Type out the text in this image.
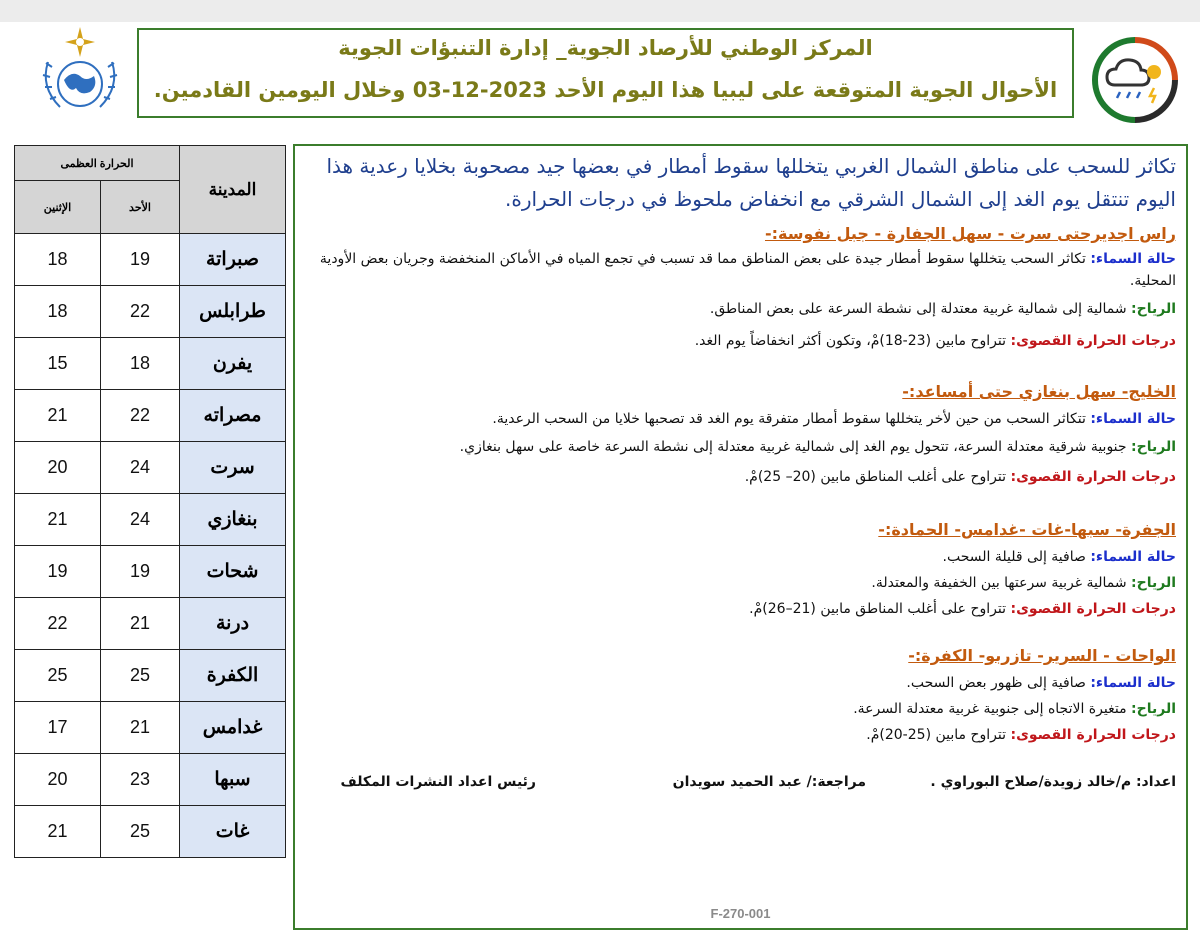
المركز الوطني للأرصاد الجوية_ إدارة التنبؤات الجوية
الأحوال الجوية المتوقعة على ليبيا هذا اليوم الأحد 2023-12-03 وخلال اليومين القادمين.
المدينة	الحرارة العظمى	
	الأحد	الإثنين
صبراتة	19	18
طرابلس	22	18
يفرن	18	15
مصراته	22	21
سرت	24	20
بنغازي	24	21
شحات	19	19
درنة	21	22
الكفرة	25	25
غدامس	21	17
سبها	23	20
غات	25	21
تكاثر للسحب على مناطق الشمال الغربي يتخللها سقوط أمطار في بعضها جيد مصحوبة بخلايا رعدية هذا اليوم تنتقل يوم الغد إلى الشمال الشرقي مع انخفاض ملحوظ في درجات الحرارة.
راس اجديرحتى سرت - سهل الجفارة - جبل نفوسة:-
حالة السماء: تكاثر السحب يتخللها سقوط أمطار جيدة على بعض المناطق مما قد تسبب في تجمع المياه في الأماكن المنخفضة وجريان بعض الأودية المحلية.
الرياح: شمالية إلى شمالية غربية معتدلة إلى نشطة السرعة على بعض المناطق.
درجات الحرارة القصوى: تتراوح مابين (23-18)مْ، وتكون أكثر انخفاضاً يوم الغد.
الخليج- سهل بنغازي حتى أمساعد:-
حالة السماء: تتكاثر السحب من حين لأخر يتخللها سقوط أمطار متفرقة يوم الغد قد تصحبها خلايا من السحب الرعدية.
الرياح: جنوبية شرقية معتدلة السرعة، تتحول يوم الغد إلى شمالية غربية معتدلة إلى نشطة السرعة خاصة على سهل بنغازي.
درجات الحرارة القصوى: تتراوح على أغلب المناطق مابين (20– 25)مْ.
الجفرة- سبها-غات -غدامس- الحمادة:-
حالة السماء: صافية إلى قليلة السحب.
الرياح: شمالية غربية سرعتها بين الخفيفة والمعتدلة.
درجات الحرارة القصوى: تتراوح على أغلب المناطق مابين (21–26)مْ.
الواحات - السرير- تازربو- الكفرة:-
حالة السماء: صافية إلى ظهور بعض السحب.
الرياح: متغيرة الاتجاه إلى جنوبية غربية معتدلة السرعة.
درجات الحرارة القصوى: تتراوح مابين (25-20)مْ.
اعداد: م/خالد زويدة/صلاح البوراوي .
مراجعة:/ عبد الحميد سويدان
رئيس اعداد النشرات المكلف
F-270-001
